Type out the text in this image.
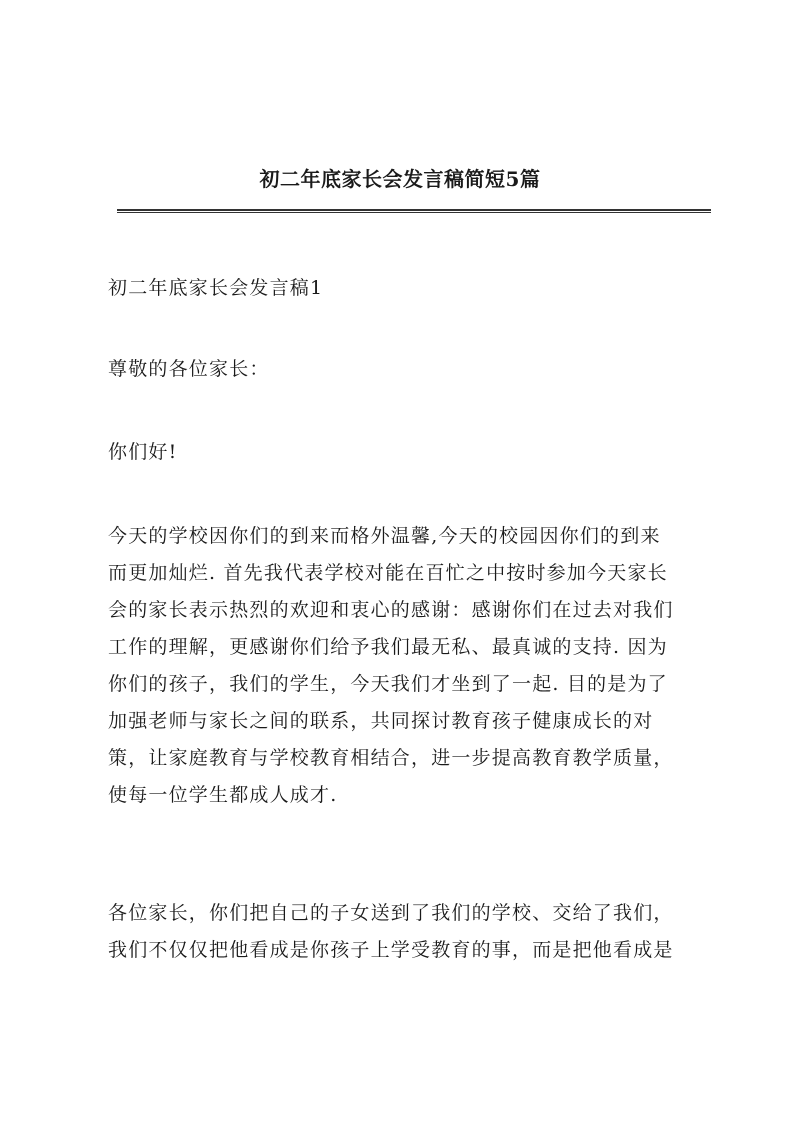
初二年底家长会发言稿简短5篇
初二年底家长会发言稿1
尊敬的各位家长：
你们好!
今天的学校因你们的到来而格外温馨,今天的校园因你们的到来
而更加灿烂. 首先我代表学校对能在百忙之中按时参加今天家长
会的家长表示热烈的欢迎和衷心的感谢：感谢你们在过去对我们
工作的理解，更感谢你们给予我们最无私、最真诚的支持. 因为
你们的孩子，我们的学生，今天我们才坐到了一起. 目的是为了
加强老师与家长之间的联系，共同探讨教育孩子健康成长的对
策，让家庭教育与学校教育相结合，进一步提高教育教学质量，
使每一位学生都成人成才.
各位家长，你们把自己的子女送到了我们的学校、交给了我们，
我们不仅仅把他看成是你孩子上学受教育的事，而是把他看成是
